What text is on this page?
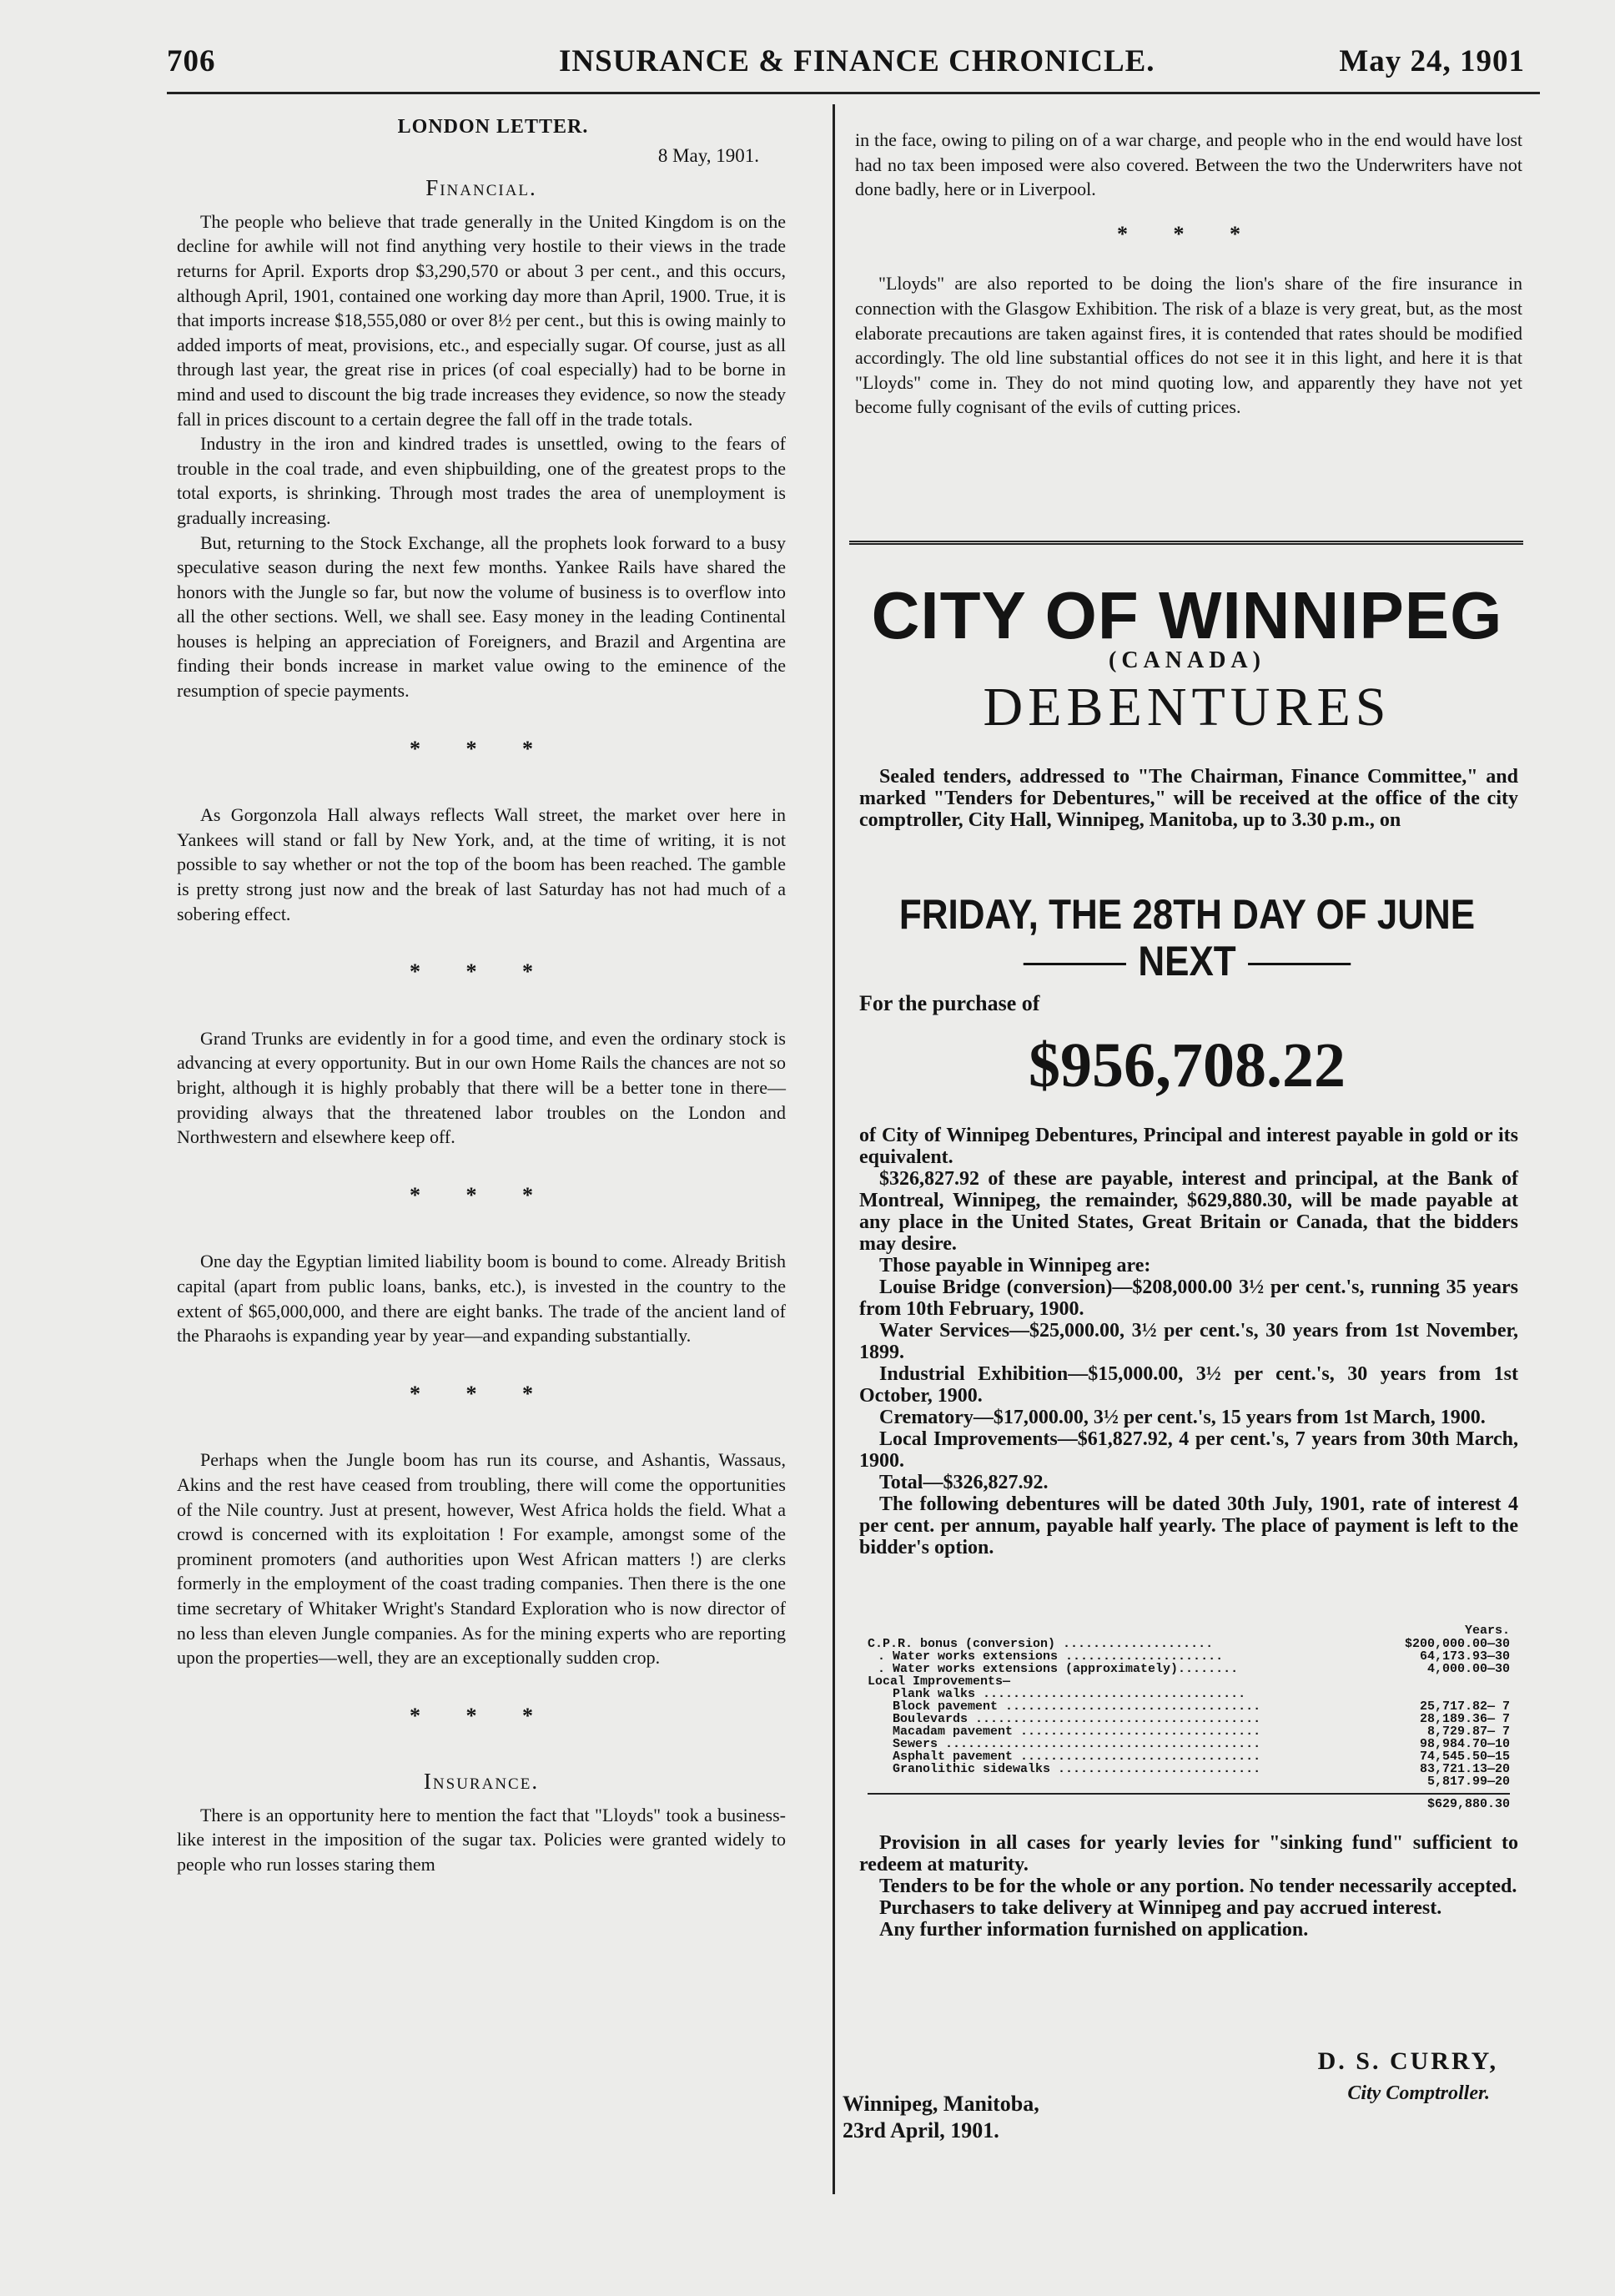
706	INSURANCE & FINANCE CHRONICLE.	May 24, 1901

LONDON LETTER.

8 May, 1901.
Financial.

The people who believe that trade generally in the United Kingdom is on the decline for awhile will not find anything very hostile to their views in the trade returns for April. Exports drop $3,290,570 or about 3 per cent., and this occurs, although April, 1901, contained one working day more than April, 1900. True, it is that imports increase $18,555,080 or over 8½ per cent., but this is owing mainly to added imports of meat, provisions, etc., and especially sugar. Of course, just as all through last year, the great rise in prices (of coal especially) had to be borne in mind and used to discount the big trade increases they evidence, so now the steady fall in prices discount to a certain degree the fall off in the trade totals.

Industry in the iron and kindred trades is unsettled, owing to the fears of trouble in the coal trade, and even shipbuilding, one of the greatest props to the total exports, is shrinking. Through most trades the area of unemployment is gradually increasing.

But, returning to the Stock Exchange, all the prophets look forward to a busy speculative season during the next few months. Yankee Rails have shared the honors with the Jungle so far, but now the volume of business is to overflow into all the other sections. Well, we shall see. Easy money in the leading Continental houses is helping an appreciation of Foreigners, and Brazil and Argentina are finding their bonds increase in market value owing to the eminence of the resumption of specie payments.

* * *

As Gorgonzola Hall always reflects Wall street, the market over here in Yankees will stand or fall by New York, and, at the time of writing, it is not possible to say whether or not the top of the boom has been reached. The gamble is pretty strong just now and the break of last Saturday has not had much of a sobering effect.

* * *

Grand Trunks are evidently in for a good time, and even the ordinary stock is advancing at every opportunity. But in our own Home Rails the chances are not so bright, although it is highly probably that there will be a better tone in there—providing always that the threatened labor troubles on the London and Northwestern and elsewhere keep off.

* * *

One day the Egyptian limited liability boom is bound to come. Already British capital (apart from public loans, banks, etc.), is invested in the country to the extent of $65,000,000, and there are eight banks. The trade of the ancient land of the Pharaohs is expanding year by year—and expanding substantially.

* * *

Perhaps when the Jungle boom has run its course, and Ashantis, Wassaus, Akins and the rest have ceased from troubling, there will come the opportunities of the Nile country. Just at present, however, West Africa holds the field. What a crowd is concerned with its exploitation ! For example, amongst some of the prominent promoters (and authorities upon West African matters !) are clerks formerly in the employment of the coast trading companies. Then there is the one time secretary of Whitaker Wright's Standard Exploration who is now director of no less than eleven Jungle companies. As for the mining experts who are reporting upon the properties—well, they are an exceptionally sudden crop.

* * *
Insurance.

There is an opportunity here to mention the fact that "Lloyds" took a business-like interest in the imposition of the sugar tax. Policies were granted widely to people who run losses staring them

in the face, owing to piling on of a war charge, and people who in the end would have lost had no tax been imposed were also covered. Between the two the Underwriters have not done badly, here or in Liverpool.

* * *

"Lloyds" are also reported to be doing the lion's share of the fire insurance in connection with the Glasgow Exhibition. The risk of a blaze is very great, but, as the most elaborate precautions are taken against fires, it is contended that rates should be modified accordingly. The old line substantial offices do not see it in this light, and here it is that "Lloyds" come in. They do not mind quoting low, and apparently they have not yet become fully cognisant of the evils of cutting prices.

CITY OF WINNIPEG
(CANADA)
DEBENTURES

Sealed tenders, addressed to "The Chairman, Finance Committee," and marked "Tenders for Debentures," will be received at the office of the city comptroller, City Hall, Winnipeg, Manitoba, up to 3.30 p.m., on

FRIDAY, THE 28TH DAY OF JUNE
NEXT
For the purchase of
$956,708.22

of City of Winnipeg Debentures, Principal and interest payable in gold or its equivalent.

$326,827.92 of these are payable, interest and principal, at the Bank of Montreal, Winnipeg, the remainder, $629,880.30, will be made payable at any place in the United States, Great Britain or Canada, that the bidders may desire.

Those payable in Winnipeg are:

Louise Bridge (conversion)—$208,000.00 3½ per cent.'s, running 35 years from 10th February, 1900.

Water Services—$25,000.00, 3½ per cent.'s, 30 years from 1st November, 1899.

Industrial Exhibition—$15,000.00, 3½ per cent.'s, 30 years from 1st October, 1900.

Crematory—$17,000.00, 3½ per cent.'s, 15 years from 1st March, 1900.

Local Improvements—$61,827.92, 4 per cent.'s, 7 years from 30th March, 1900.

Total—$326,827.92.

The following debentures will be dated 30th July, 1901, rate of interest 4 per cent. per annum, payable half yearly. The place of payment is left to the bidder's option.

Years.
C.P.R. bonus (conversion) ....................	$200,000.00—30
. Water works extensions .....................	64,173.93—30
. Water works extensions (approximately)........	4,000.00—30
Local Improvements—
Plank walks ...................................
Block pavement ..................................	25,717.82— 7
Boulevards ......................................	28,189.36— 7
Macadam pavement ................................	8,729.87— 7
Sewers ..........................................	98,984.70—10
Asphalt pavement ................................	74,545.50—15
Granolithic sidewalks ...........................	83,721.13—20
5,817.99—20
$629,880.30

Provision in all cases for yearly levies for "sinking fund" sufficient to redeem at maturity.

Tenders to be for the whole or any portion. No tender necessarily accepted.

Purchasers to take delivery at Winnipeg and pay accrued interest.

Any further information furnished on application.

D. S. CURRY,
City Comptroller.
Winnipeg, Manitoba,
23rd April, 1901.
